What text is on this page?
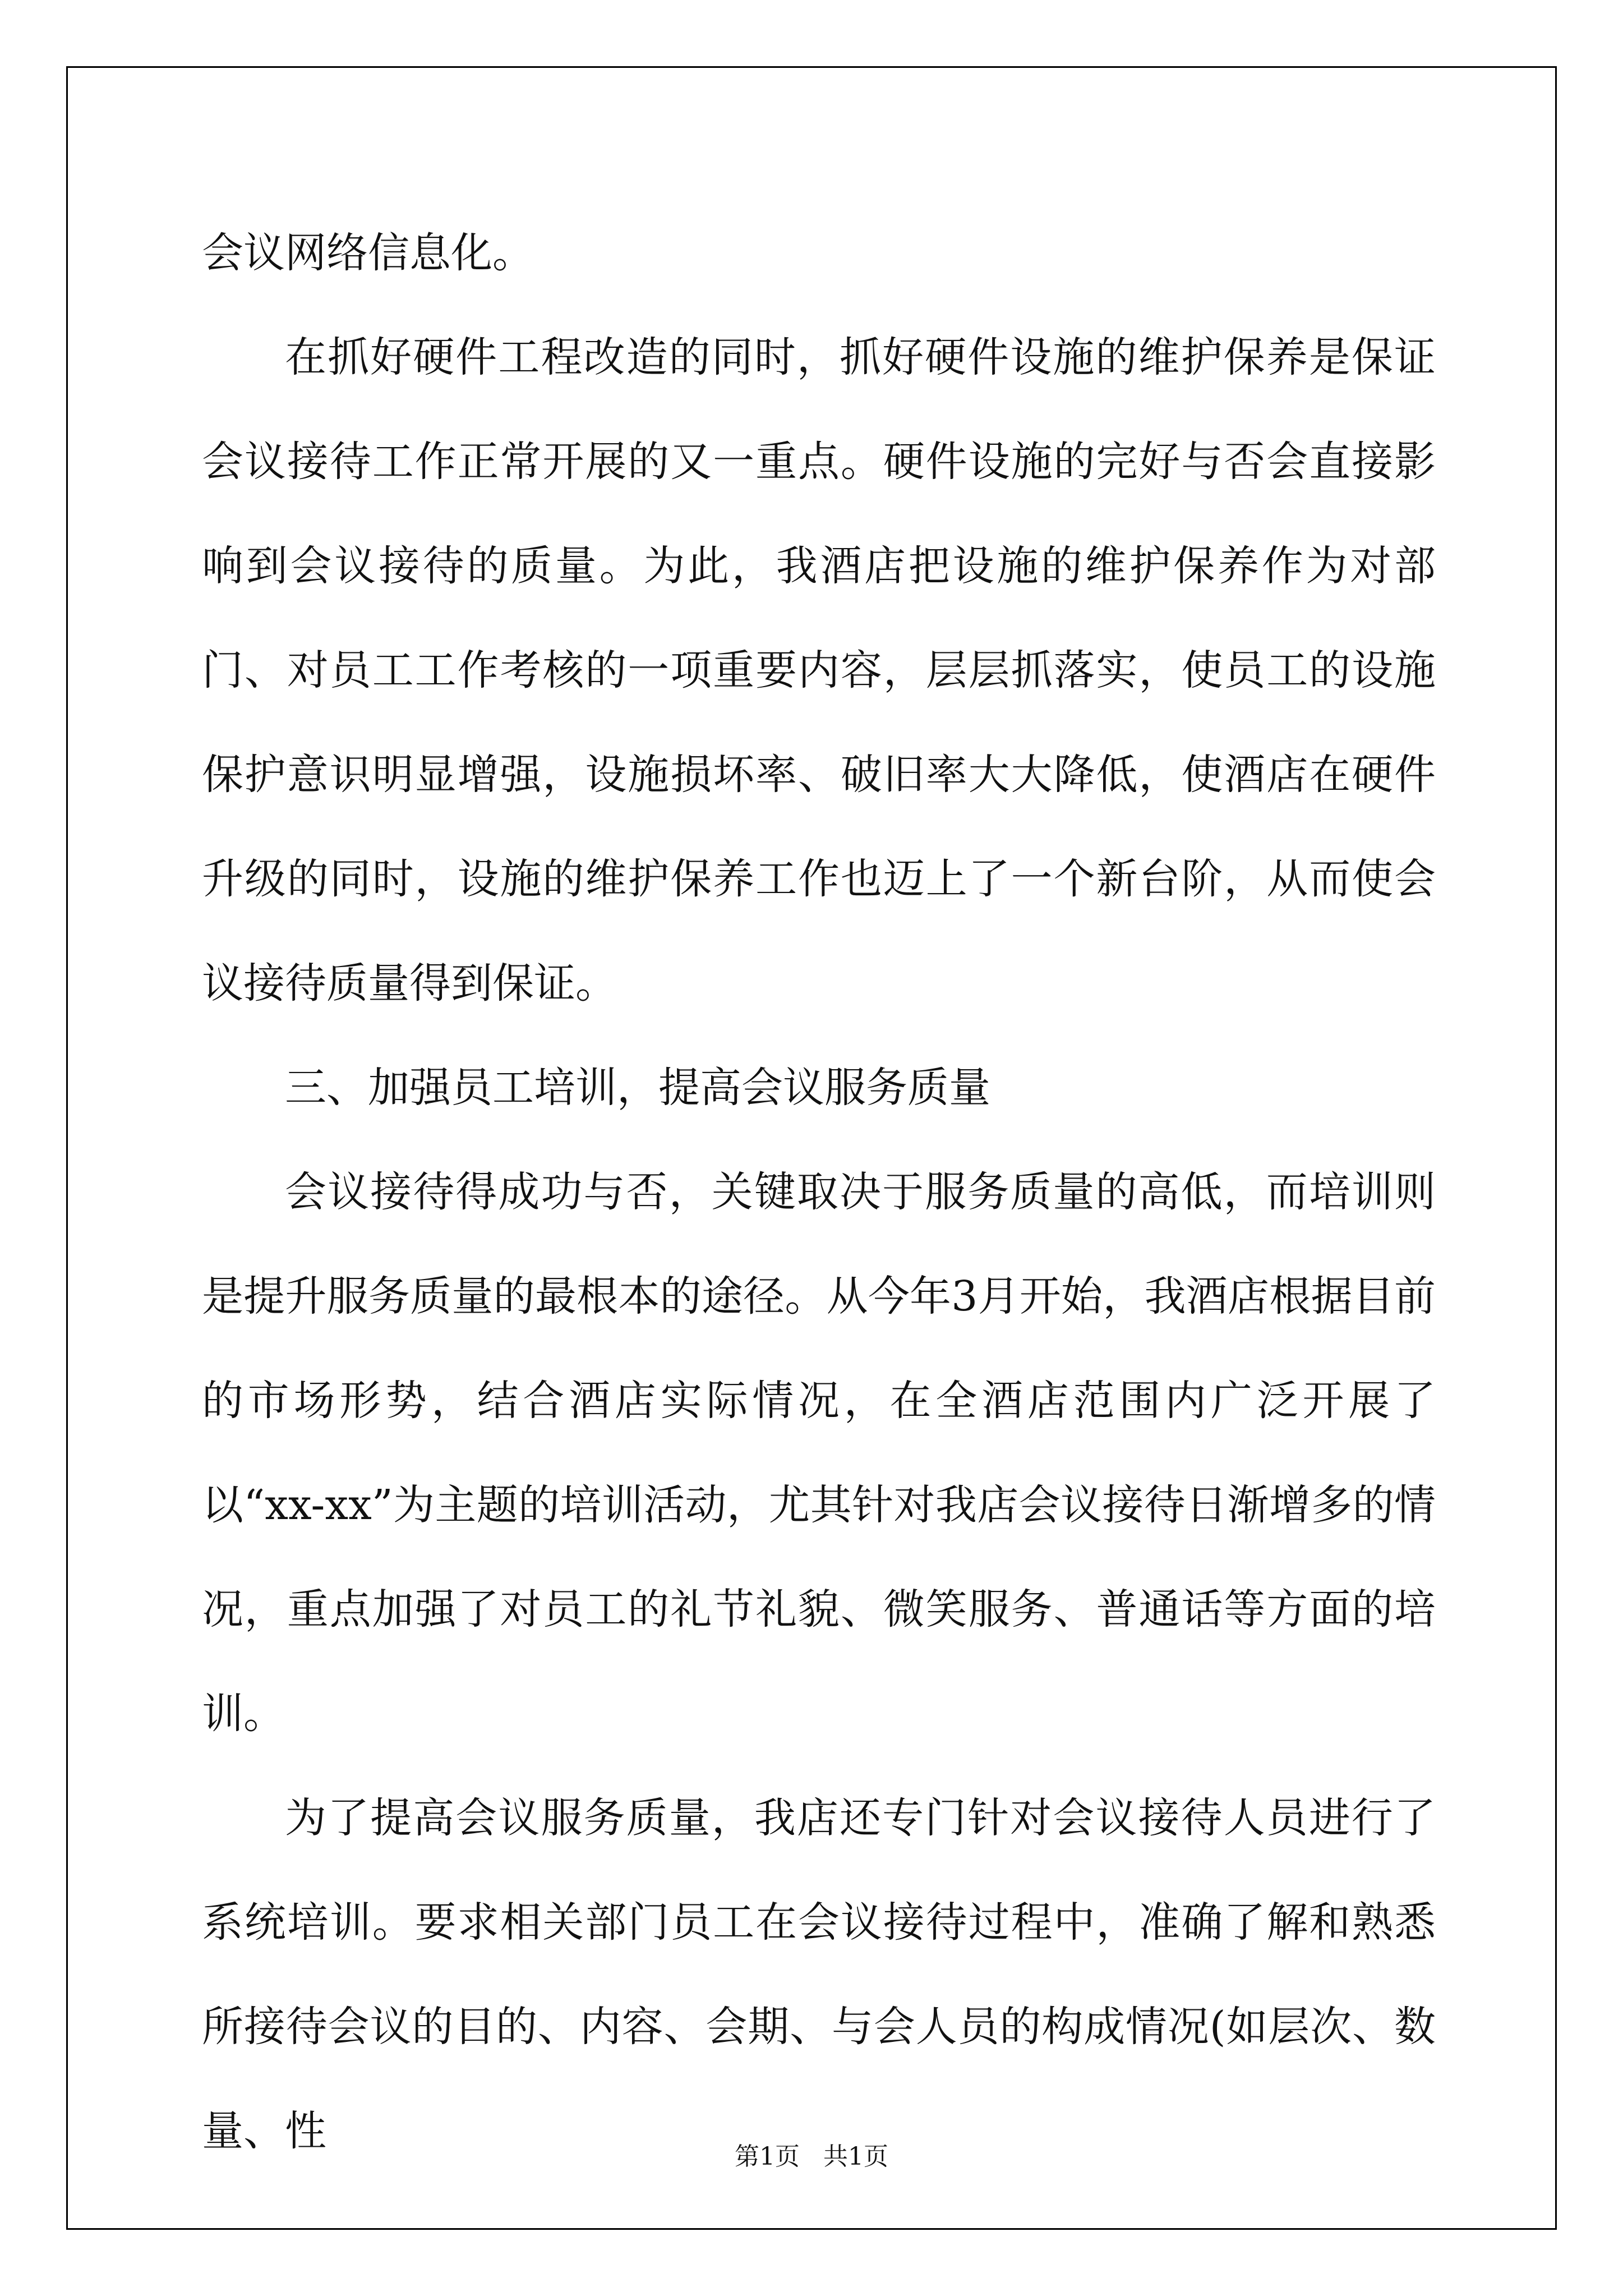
会议网络信息化。

在抓好硬件工程改造的同时，抓好硬件设施的维护保养是保证会议接待工作正常开展的又一重点。硬件设施的完好与否会直接影响到会议接待的质量。为此，我酒店把设施的维护保养作为对部门、对员工工作考核的一项重要内容，层层抓落实，使员工的设施保护意识明显增强，设施损坏率、破旧率大大降低，使酒店在硬件升级的同时，设施的维护保养工作也迈上了一个新台阶，从而使会议接待质量得到保证。

三、加强员工培训，提高会议服务质量

会议接待得成功与否，关键取决于服务质量的高低，而培训则是提升服务质量的最根本的途径。从今年3月开始，我酒店根据目前的市场形势，结合酒店实际情况，在全酒店范围内广泛开展了以“xx-xx”为主题的培训活动，尤其针对我店会议接待日渐增多的情况，重点加强了对员工的礼节礼貌、微笑服务、普通话等方面的培训。

为了提高会议服务质量，我店还专门针对会议接待人员进行了系统培训。要求相关部门员工在会议接待过程中，准确了解和熟悉所接待会议的目的、内容、会期、与会人员的构成情况(如层次、数量、性

第1页   共1页
